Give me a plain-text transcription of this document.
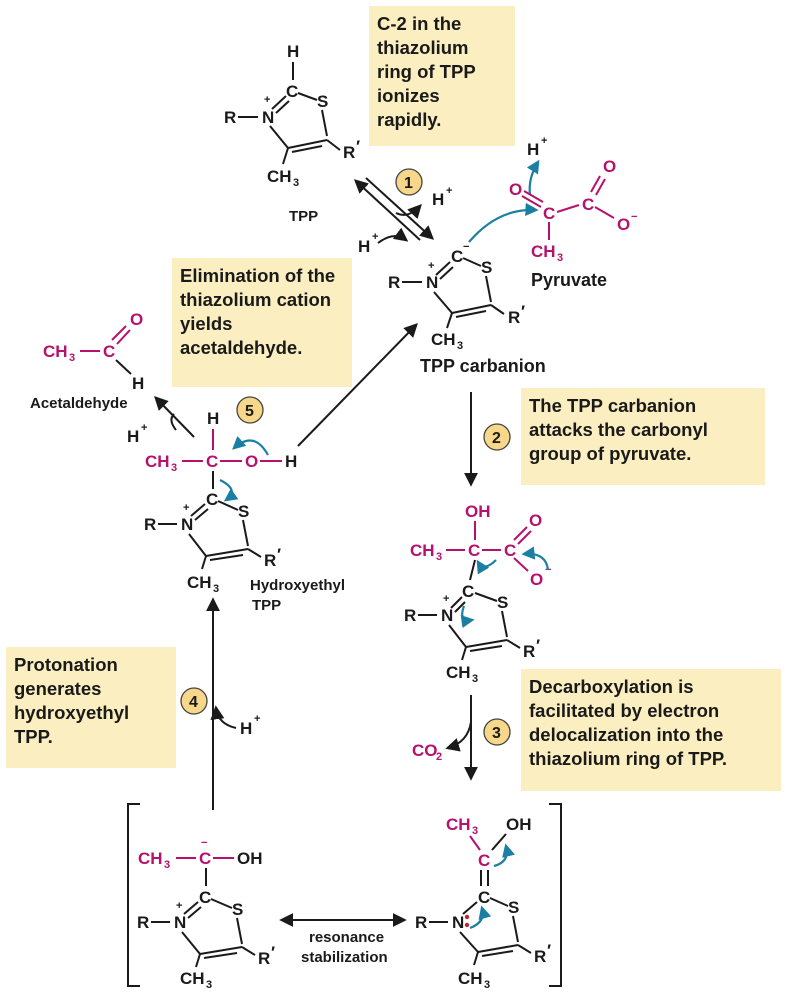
C-2 in the thiazolium ring of TPP ionizes rapidly.
Elimination of the thiazolium cation yields acetaldehyde.
The TPP carbanion attacks the carbonyl group of pyruvate.
Protonation generates hydroxyethyl TPP.
Decarboxylation is facilitated by electron delocalization into the thiazolium ring of TPP.
H
C
S
N
+
R
R ′
CH 3
TPP
H +
H +
1
H +
O
C C
O
O −
CH 3
Pyruvate
C −
S
N
+
R
R ′
CH 3
TPP carbanion
2
OH
CH 3 C C
O
O −
C
S
N
+
R
R ′
CH 3
CO
2
3
CH 3 C
−
OH
C
S
N
+
R
R ′
CH 3
resonance
stabilization
CH 3 OH
C
C
S
N
R
R ′
CH 3
H +
4
H
CH 3 C O H
C
S
N
+
R
R ′
CH 3 Hydroxyethyl
TPP
5
H +
CH 3 C
O
H
Acetaldehyde
